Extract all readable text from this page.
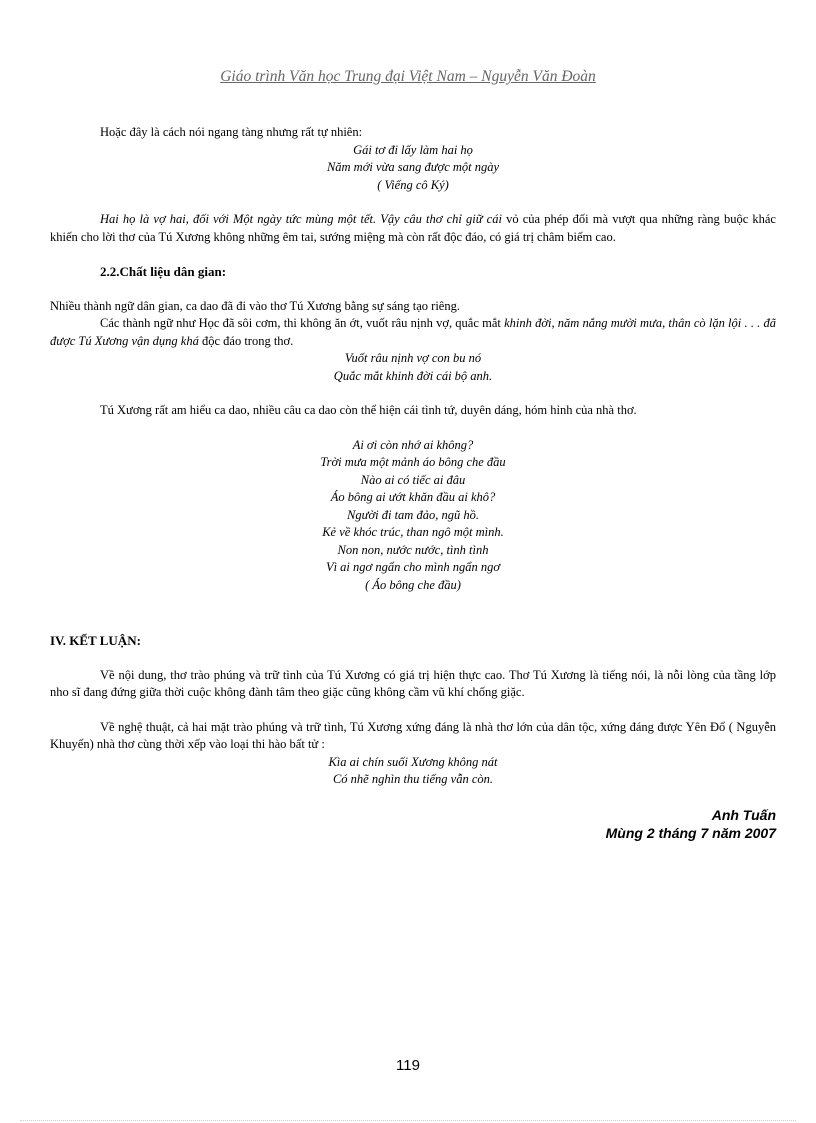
Giáo trình Văn học Trung đại Việt Nam – Nguyễn Văn Đoàn

Hoặc đây là cách nói ngang tàng nhưng rất tự nhiên:

Gái tơ đi lấy làm hai họ

Năm mới vừa sang được một ngày

( Viếng cô Ký)

Hai họ là vợ hai, đối với Một ngày tức mùng một tết. Vậy câu thơ chỉ giữ cái vỏ của phép đối mà vượt qua những ràng buộc khác khiến cho lời thơ của Tú Xương không những êm tai, sướng miệng mà còn rất độc đáo, có giá trị châm biếm cao.

2.2.Chất liệu dân gian:

Nhiều thành ngữ dân gian, ca dao đã đi vào thơ Tú Xương bằng sự sáng tạo riêng.

Các thành ngữ như Học đã sôi cơm, thi không ăn ớt, vuốt râu nịnh vợ, quắc mắt khinh đời, năm nắng mười mưa, thân cò lặn lội . . . đã được Tú Xương vận dụng khá độc đáo trong thơ.

Vuốt râu nịnh vợ con bu nó

Quắc mắt khinh đời cái bộ anh.

Tú Xương rất am hiểu ca dao, nhiều câu ca dao còn thể hiện cái tình tứ, duyên dáng, hóm hỉnh của nhà thơ.

Ai ơi còn nhớ ai không?

Trời mưa một mảnh áo bông che đầu

Nào ai có tiếc ai đâu

Áo bông ai ướt khăn đầu ai khô?

Người đi tam đảo, ngũ hồ.

Kẻ về khóc trúc, than ngô một mình.

Non non, nước nước, tình tình

Vì ai ngơ ngẩn cho mình ngẩn ngơ

( Áo bông che đầu)

IV. KẾT LUẬN:

Về nội dung, thơ trào phúng và trữ tình của Tú Xương có giá trị hiện thực cao. Thơ Tú Xương là tiếng nói, là nỗi lòng của tầng lớp nho sĩ đang đứng giữa thời cuộc không đành tâm theo giặc cũng không cầm vũ khí chống giặc.

Về nghệ thuật, cả hai mặt trào phúng và trữ tình, Tú Xương xứng đáng là nhà thơ lớn của dân tộc, xứng đáng được Yên Đổ ( Nguyễn Khuyến) nhà thơ cùng thời xếp vào loại thi hào bất tử :

Kìa ai chín suối Xương không nát

Có nhẽ nghìn thu tiếng vẫn còn.

Anh Tuấn

Mùng 2 tháng 7 năm 2007

119
